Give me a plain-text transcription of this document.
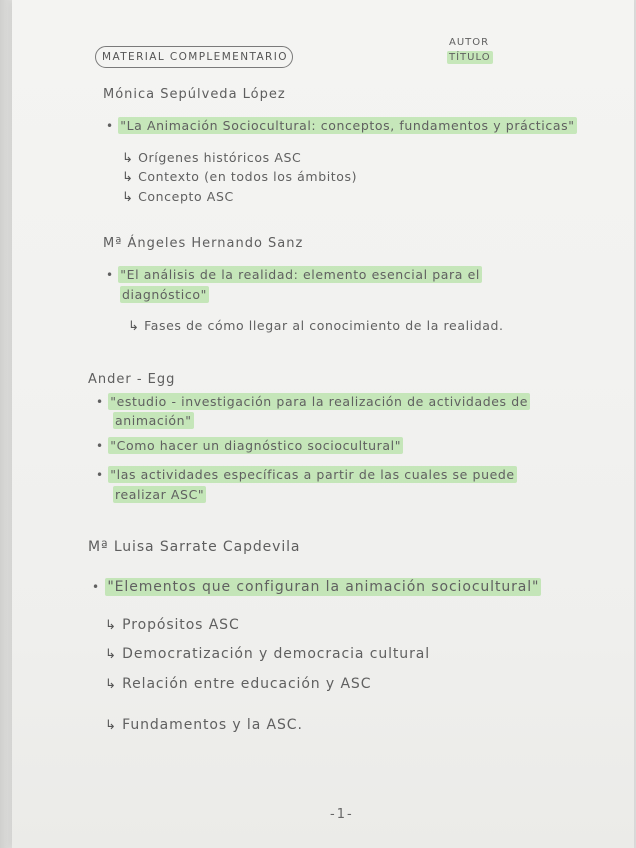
MATERIAL COMPLEMENTARIO
AUTOR
TÍTULO
Mónica Sepúlveda López
• "La Animación Sociocultural: conceptos, fundamentos y prácticas"
↳ Orígenes históricos ASC
↳ Contexto (en todos los ámbitos)
↳ Concepto ASC
Mª Ángeles Hernando Sanz
• "El análisis de la realidad: elemento esencial para el
diagnóstico"
↳ Fases de cómo llegar al conocimiento de la realidad.
Ander - Egg
• "estudio - investigación para la realización de actividades de
animación"
• "Como hacer un diagnóstico sociocultural"
• "las actividades específicas a partir de las cuales se puede
realizar ASC"
Mª Luisa Sarrate Capdevila
• "Elementos que configuran la animación sociocultural"
↳ Propósitos ASC
↳ Democratización y democracia cultural
↳ Relación entre educación y ASC
↳ Fundamentos y la ASC.
-1-
